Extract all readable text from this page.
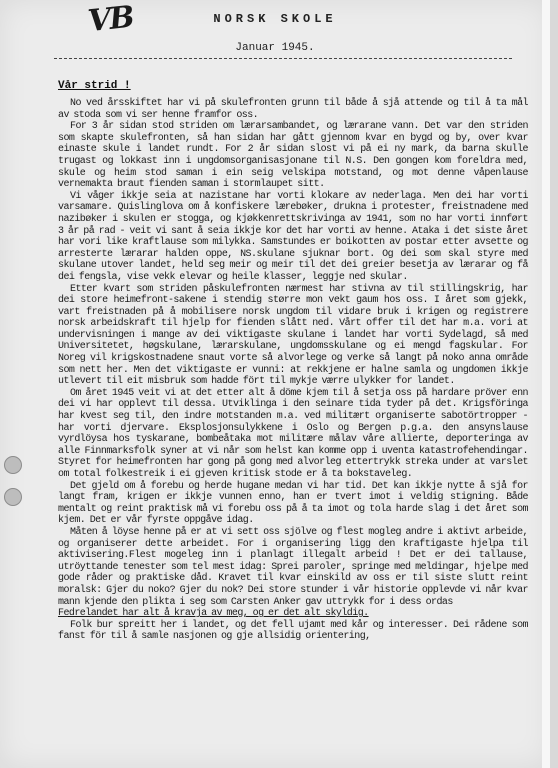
VB	NORSK SKOLE
Januar 1945.
Vår strid !

No ved årsskiftet har vi på skulefronten grunn til både å sjå attende og til å ta mål av stoda som vi ser henne framfor oss.

For 3 år sidan stod striden om lærarsambandet, og lærarane vann. Det var den striden som skapte skulefronten, så han sidan har gått gjennom kvar en bygd og by, over kvar einaste skule i landet rundt. For 2 år sidan slost vi på ei ny mark, da barna skulle trugast og lokkast inn i ungdomsorganisasjonane til N.S. Den gongen kom foreldra med, skule og heim stod saman i ein seig velskipa motstand, og mot denne våpenlause vernemakta braut fienden saman i stormlaupet sitt.

Vi våger ikkje seia at nazistane har vorti klokare av nederlaga. Men dei har vorti varsamare. Quislinglova om å konfiskere lærebøker, drukna i protester, freistnadene med nazibøker i skulen er stogga, og kjøkkenrettskrivinga av 1941, som no har vorti innført 3 år på rad - veit vi sant å seia ikkje kor det har vorti av henne. Ataka i det siste året har vori like kraftlause som milykka. Samstundes er boikotten av postar etter avsette og arresterte lærarar halden oppe, NS.skulane sjuknar bort. Og dei som skal styre med skulane utover landet, held seg meir og meir til det dei greier besetja av lærarar og få dei fengsla, vise vekk elevar og heile klasser, leggje ned skular.

Etter kvart som striden påskulefronten nærmest har stivna av til stillingskrig, har dei store heimefront-sakene i stendig større mon vekt gaum hos oss. I året som gjekk, vart freistnaden på å mobilisere norsk ungdom til vidare bruk i krigen og registrere norsk arbeidskraft til hjelp for fienden slått ned. Vårt offer til det har m.a. vori at undervisningen i mange av dei viktigaste skulane i landet har vorti Sydelagd, så med Universitetet, høgskulane, lærarskulane, ungdomsskulane og ei mengd fagskular. For Noreg vil krigskostnadene snaut vorte så alvorlege og verke så langt på noko anna område som nett her. Men det viktigaste er vunni: at rekkjene er halne samla og ungdomen ikkje utlevert til eit misbruk som hadde fört til mykje værre ulykker for landet.

Om året 1945 veit vi at det etter alt å döme kjem til å setja oss på hardare pröver enn dei vi har opplevt til dessa. Utviklinga i den seinare tida tyder på det. Krigsföringa har kvest seg til, den indre motstanden m.a. ved militært organiserte sabotörtropper - har vorti djervare. Eksplosjonsulykkene i Oslo og Bergen p.g.a. den ansynslause vyrdlöysa hos tyskarane, bombeåtaka mot militære målav våre allierte, deporteringa av alle Finnmarksfolk syner at vi når som helst kan komme opp i uventa katastrofehendingar. Styret for heimefronten har gong på gong med alvorleg ettertrykk streka under at varslet om total folkestreik i ei gjeven kritisk stode er å ta bokstaveleg.

Det gjeld om å forebu og herde hugane medan vi har tid. Det kan ikkje nytte å sjå for langt fram, krigen er ikkje vunnen enno, han er tvert imot i veldig stigning. Både mentalt og reint praktisk må vi forebu oss på å ta imot og tola harde slag i det året som kjem. Det er vår fyrste oppgåve idag.

Måten å löyse henne på er at vi sett oss sjölve og flest mogleg andre i aktivt arbeide, og organiserer dette arbeidet. For i organisering ligg den kraftigaste hjelpa til aktivisering.Flest mogeleg inn i planlagt illegalt arbeid ! Det er dei tallause, utröyttande tenester som tel mest idag: Sprei paroler, springe med meldingar, hjelpe med gode råder og praktiske dåd. Kravet til kvar einskild av oss er til siste slutt reint moralsk: Gjer du noko? Gjer du nok? Dei store stunder i vår historie opplevde vi når kvar mann kjende den plikta i seg som Carsten Anker gav uttrykk for i dess ordas

Fedrelandet har alt å kravja av meg, og er det alt skyldig.

Folk bur spreitt her i landet, og det fell ujamt med kår og interesser. Dei rådene som fanst för til å samle nasjonen og gje allsidig orientering,
